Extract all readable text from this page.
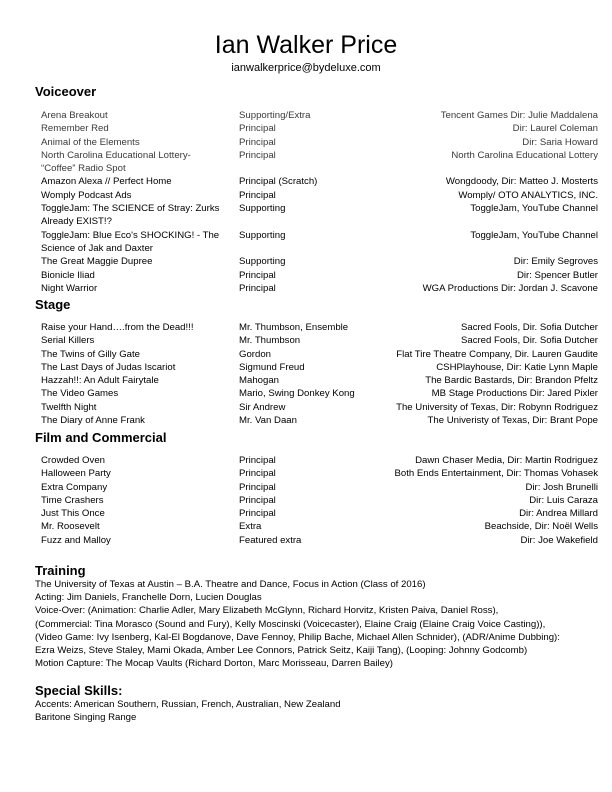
Ian Walker Price
ianwalkerprice@bydeluxe.com
Voiceover
Arena Breakout	Supporting/Extra	Tencent Games Dir: Julie Maddalena
Remember Red	Principal	Dir: Laurel Coleman
Animal of the Elements	Principal	Dir: Saria Howard
North Carolina Educational Lottery-
“Coffee” Radio Spot
Principal	North Carolina Educational Lottery
Amazon Alexa // Perfect Home	Principal (Scratch)	Wongdoody, Dir: Matteo J. Mosterts
Womply Podcast Ads	Principal	Womply/ OTO ANALYTICS, INC.
ToggleJam: The SCIENCE of Stray: Zurks
Already EXIST!?
Supporting	ToggleJam, YouTube Channel
ToggleJam: Blue Eco's SHOCKING! - The
Science of Jak and Daxter
Supporting	ToggleJam, YouTube Channel
The Great Maggie Dupree	Supporting	Dir: Emily Segroves
Bionicle Iliad	Principal	Dir: Spencer Butler
Night Warrior	Principal	WGA Productions Dir: Jordan J. Scavone
Stage
Raise your Hand….from the Dead!!!	Mr. Thumbson, Ensemble	Sacred Fools, Dir. Sofia Dutcher
Serial Killers	Mr. Thumbson	Sacred Fools, Dir. Sofia Dutcher
The Twins of Gilly Gate	Gordon	Flat Tire Theatre Company, Dir. Lauren Gaudite
The Last Days of Judas Iscariot	Sigmund Freud	CSHPlayhouse, Dir: Katie Lynn Maple
Hazzah!!: An Adult Fairytale	Mahogan	The Bardic Bastards, Dir: Brandon Pfeltz
The Video Games	Mario, Swing Donkey Kong	MB Stage Productions Dir: Jared Pixler
Twelfth Night	Sir Andrew	The University of Texas, Dir: Robynn Rodriguez
The Diary of Anne Frank	Mr. Van Daan	The Univeristy of Texas, Dir: Brant Pope
Film and Commercial
Crowded Oven	Principal	Dawn Chaser Media, Dir: Martin Rodriguez
Halloween Party	Principal	Both Ends Entertainment, Dir: Thomas Vohasek
Extra Company	Principal	Dir: Josh Brunelli
Time Crashers	Principal	Dir: Luis Caraza
Just This Once	Principal	Dir: Andrea Millard
Mr. Roosevelt	Extra	Beachside, Dir: Noël Wells
Fuzz and Malloy	Featured extra	Dir: Joe Wakefield
Training
The University of Texas at Austin – B.A. Theatre and Dance, Focus in Action (Class of 2016)
Acting: Jim Daniels, Franchelle Dorn, Lucien Douglas
Voice-Over: (Animation: Charlie Adler, Mary Elizabeth McGlynn, Richard Horvitz, Kristen Paiva, Daniel Ross),
(Commercial: Tina Morasco (Sound and Fury), Kelly Moscinski (Voicecaster), Elaine Craig (Elaine Craig Voice Casting)),
(Video Game: Ivy Isenberg, Kal-El Bogdanove, Dave Fennoy, Philip Bache, Michael Allen Schnider), (ADR/Anime Dubbing):
Ezra Weizs, Steve Staley, Mami Okada, Amber Lee Connors, Patrick Seitz, Kaiji Tang), (Looping: Johnny Godcomb)
Motion Capture: The Mocap Vaults (Richard Dorton, Marc Morisseau, Darren Bailey)
Special Skills:
Accents: American Southern, Russian, French, Australian, New Zealand
Baritone Singing Range
